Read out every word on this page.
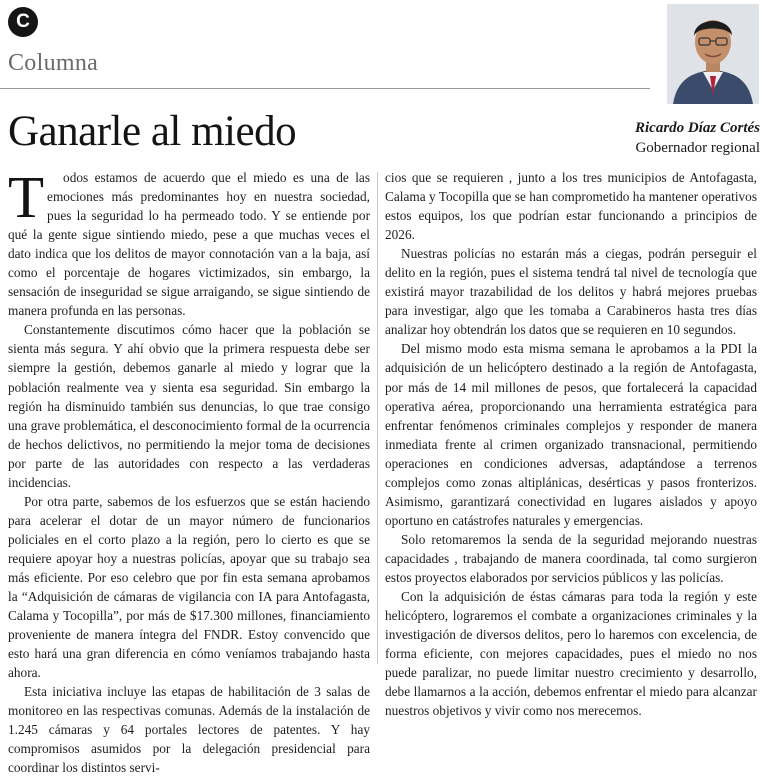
C
Columna
Ganarle al miedo	Ricardo Díaz Cortés
Gobernador regional

T odos estamos de acuerdo que el miedo es una de las emociones más predominantes hoy en nuestra sociedad, pues la seguridad lo ha permeado todo. Y se entiende por qué la gente sigue sintiendo miedo, pese a que muchas veces el dato indica que los delitos de mayor connotación van a la baja, así como el porcentaje de hogares victimizados, sin embargo, la sensación de inseguridad se sigue arraigando, se sigue sintiendo de manera profunda en las personas.

Constantemente discutimos cómo hacer que la población se sienta más segura. Y ahí obvio que la primera respuesta debe ser siempre la gestión, debemos ganarle al miedo y lograr que la población realmente vea y sienta esa seguridad. Sin embargo la región ha disminuido también sus denuncias, lo que trae consigo una grave problemática, el desconocimiento formal de la ocurrencia de hechos delictivos, no permitiendo la mejor toma de decisiones por parte de las autoridades con respecto a las verdaderas incidencias.

Por otra parte, sabemos de los esfuerzos que se están haciendo para acelerar el dotar de un mayor número de funcionarios policiales en el corto plazo a la región, pero lo cierto es que se requiere apoyar hoy a nuestras policías, apoyar que su trabajo sea más eficiente. Por eso celebro que por fin esta semana aprobamos la “Adquisición de cámaras de vigilancia con IA para Antofagasta, Calama y Tocopilla”, por más de $17.300 millones, financiamiento proveniente de manera íntegra del FNDR. Estoy convencido que esto hará una gran diferencia en cómo veníamos trabajando hasta ahora.

Esta iniciativa incluye las etapas de habilitación de 3 salas de monitoreo en las respectivas comunas. Además de la instalación de 1.245 cámaras y 64 portales lectores de patentes. Y hay compromisos asumidos por la delegación presidencial para coordinar los distintos servi-

cios que se requieren , junto a los tres municipios de Antofagasta, Calama y Tocopilla que se han comprometido ha mantener operativos estos equipos, los que podrían estar funcionando a principios de 2026.

Nuestras policías no estarán más a ciegas, podrán perseguir el delito en la región, pues el sistema tendrá tal nivel de tecnología que existirá mayor trazabilidad de los delitos y habrá mejores pruebas para investigar, algo que les tomaba a Carabineros hasta tres días analizar hoy obtendrán los datos que se requieren en 10 segundos.

Del mismo modo esta misma semana le aprobamos a la PDI la adquisición de un helicóptero destinado a la región de Antofagasta, por más de 14 mil millones de pesos, que fortalecerá la capacidad operativa aérea, proporcionando una herramienta estratégica para enfrentar fenómenos criminales complejos y responder de manera inmediata frente al crimen organizado transnacional, permitiendo operaciones en condiciones adversas, adaptándose a terrenos complejos como zonas altiplánicas, desérticas y pasos fronterizos. Asimismo, garantizará conectividad en lugares aislados y apoyo oportuno en catástrofes naturales y emergencias.

Solo retomaremos la senda de la seguridad mejorando nuestras capacidades , trabajando de manera coordinada, tal como surgieron estos proyectos elaborados por servicios públicos y las policías.

Con la adquisición de éstas cámaras para toda la región y este helicóptero, lograremos el combate a organizaciones criminales y la investigación de diversos delitos, pero lo haremos con excelencia, de forma eficiente, con mejores capacidades, pues el miedo no nos puede paralizar, no puede limitar nuestro crecimiento y desarrollo, debe llamarnos a la acción, debemos enfrentar el miedo para alcanzar nuestros objetivos y vivir como nos merecemos.
